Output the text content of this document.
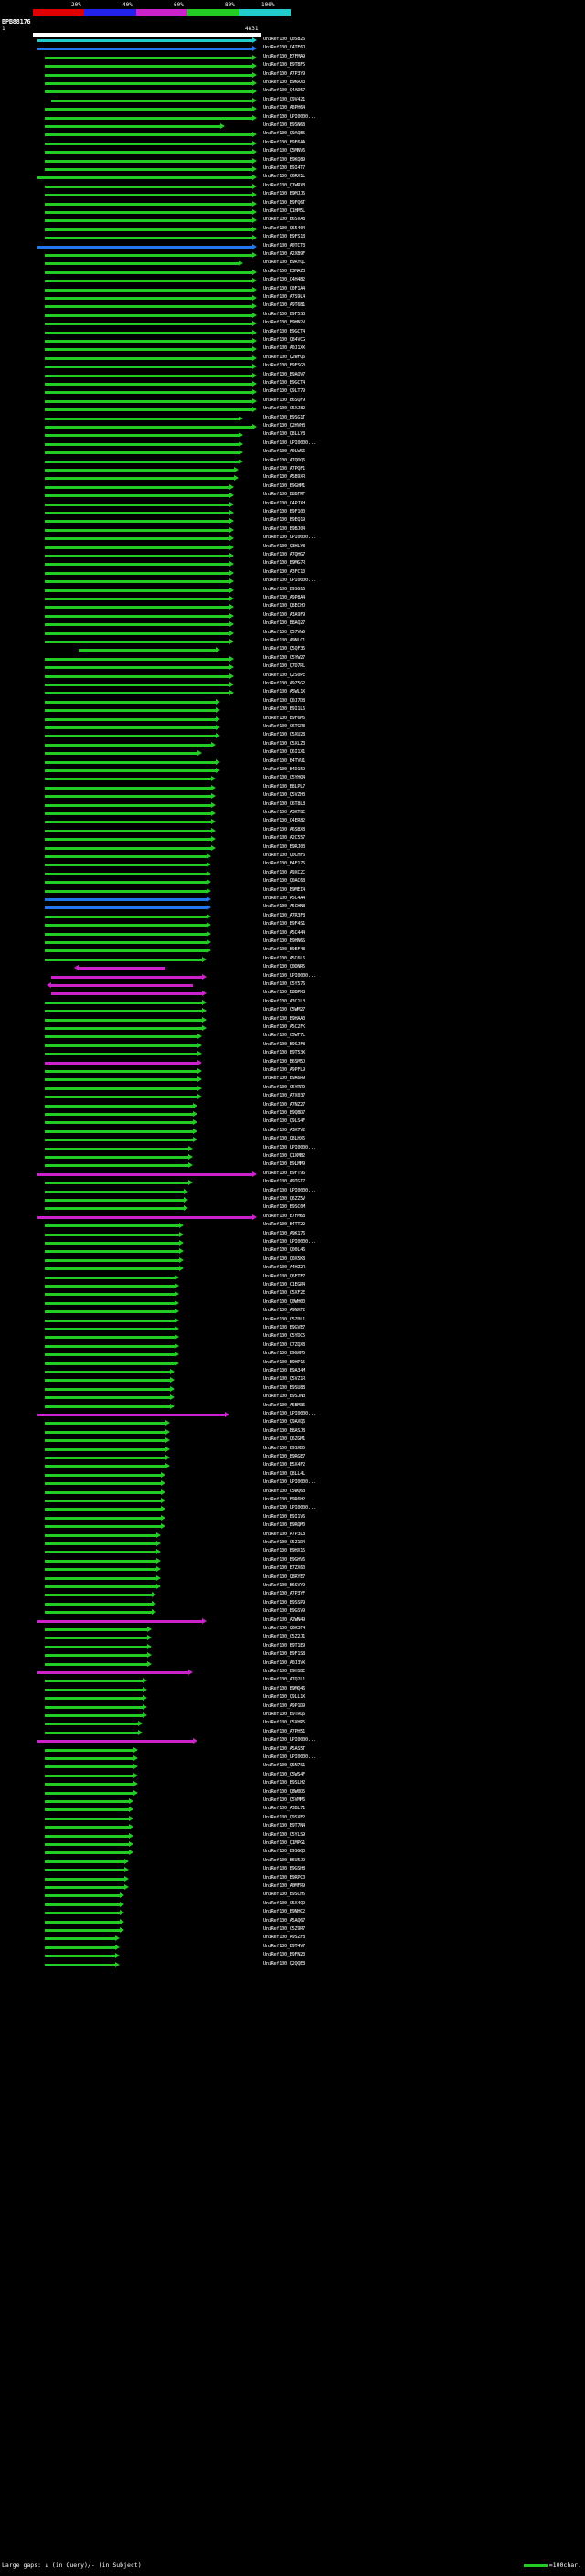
20%	40%	60%	80%	100%
BPB88176
1	4831
UniRef100_Q0S826
UniRef100_C4TE6J
UniRef100_B7FMA9
UniRef100_B9TBF5
UniRef100_A7P3Y9
UniRef100_B9KRX3
UniRef100_Q4AD57
UniRef100_Q9V421
UniRef100_A8PH64
UniRef100_UPI0000...
UniRef100_B9SN68
UniRef100_Q9AQE5
UniRef100_B9F6AA
UniRef100_Q5MNV6
UniRef100_B9KQ89
UniRef100_B9I4T7
UniRef100_C6RX1L
UniRef100_Q1WRX8
UniRef100_B9MJJ5
UniRef100_B9FQ6T
UniRef100_Q1HM5L
UniRef100_B6SVA8
UniRef100_Q65404
UniRef100_B9FS1B
UniRef100_A0TCT3
UniRef100_A2XB9F
UniRef100_B9RYQL
UniRef100_B3MAZ3
UniRef100_Q4H4B2
UniRef100_C0F1A4
UniRef100_A7S9L4
UniRef100_A9T6B1
UniRef100_B9F5S3
UniRef100_B9HN2V
UniRef100_B9GCT4
UniRef100_Q84VCG
UniRef100_A0J1XX
UniRef100_Q2WFQ6
UniRef100_B9FSG3
UniRef100_B9AQV7
UniRef100_B9GCT4
UniRef100_Q9LT79
UniRef100_B6SQF9
UniRef100_C5XJ82
UniRef100_B9SG1T
UniRef100_Q2HVH3
UniRef100_Q8LLY8
UniRef100_UPI0000...
UniRef100_A0LWS6
UniRef100_A7QDQ6
UniRef100_A7PQF1
UniRef100_A5B9XR
UniRef100_B9GHM1
UniRef100_B8BFRF
UniRef100_C4PJXH
UniRef100_B9F100
UniRef100_B9EQ19
UniRef100_B9BJ04
UniRef100_UPI0000...
UniRef100_Q3HLY8
UniRef100_A7QHG7
UniRef100_B9MG7R
UniRef100_A3FC10
UniRef100_UPI0000...
UniRef100_B9SG16
UniRef100_A9P8A4
UniRef100_Q8ECHO
UniRef100_A3A9F9
UniRef100_B8AQ27
UniRef100_Q57VW6
UniRef100_A9NLC1
UniRef100_Q5QF35
UniRef100_C5YW27
UniRef100_Q7D7RL
UniRef100_Q2S0PE
UniRef100_A9Z5G2
UniRef100_A5WL1X
UniRef100_Q0J7D8
UniRef100_B9I1L6
UniRef100_B9F6M6
UniRef100_C6TGR3
UniRef100_C5XU28
UniRef100_C5XLZ3
UniRef100_Q6I1X1
UniRef100_B4TVU1
UniRef100_B4D159
UniRef100_C5YHQ4
UniRef100_B8LPL7
UniRef100_Q5VZH3
UniRef100_C6T8L8
UniRef100_A3KT8E
UniRef100_Q4ER82
UniRef100_A6SBX8
UniRef100_A2C557
UniRef100_B9RJ03
UniRef100_Q0CHF6
UniRef100_B4F1Z6
UniRef100_A9XC2C
UniRef100_Q0AC68
UniRef100_B9MEI4
UniRef100_A5C4A4
UniRef100_A5CHN8
UniRef100_A7R3F8
UniRef100_B9F4S1
UniRef100_A5C444
UniRef100_B9HN6S
UniRef100_B9EF48
UniRef100_A5C6L6
UniRef100_Q0DNR5
UniRef100_UPI0000...
UniRef100_C5Y576
UniRef100_B8BPK8
UniRef100_A3C1L3
UniRef100_C5WM27
UniRef100_B9HAA0
UniRef100_A5C2FK
UniRef100_C5WF7L
UniRef100_B9SJF8
UniRef100_B9T53X
UniRef100_B6SM5D
UniRef100_A9PFL9
UniRef100_B9A6R9
UniRef100_C5YRR9
UniRef100_A7X037
UniRef100_A7NZ27
UniRef100_B9QBD7
UniRef100_Q9LS4F
UniRef100_A3K7V2
UniRef100_Q8LHX5
UniRef100_UPI0000...
UniRef100_Q1XMB2
UniRef100_B9LMM9
UniRef100_B9FT96
UniRef100_A9TGI7
UniRef100_UPI0000...
UniRef100_Q6ZZ5V
UniRef100_B9SC0M
UniRef100_B7FM68
UniRef100_B4TT22
UniRef100_A9K176
UniRef100_UPI0000...
UniRef100_Q00L46
UniRef100_Q0X5K8
UniRef100_A4HZ2R
UniRef100_Q6ETF7
UniRef100_C1EGR4
UniRef100_C5XF2E
UniRef100_Q0WH00
UniRef100_A9NXF2
UniRef100_C5Z0L1
UniRef100_B9GVE7
UniRef100_C5YDC5
UniRef100_C7ZQX8
UniRef100_B9GXM5
UniRef100_B9HP15
UniRef100_B9A34M
UniRef100_Q5VZ1R
UniRef100_B9SU88
UniRef100_B9SJN3
UniRef100_A5BM36
UniRef100_UPI0000...
UniRef100_Q9AXQ6
UniRef100_B8ASJ8
UniRef100_Q6ZGM1
UniRef100_B9SXD5
UniRef100_B9RGE7
UniRef100_B5X4F2
UniRef100_Q8LL4L
UniRef100_UPI0000...
UniRef100_C5WQ6B
UniRef100_B9R6H2
UniRef100_UPI0000...
UniRef100_B9I1V6
UniRef100_B9RQM0
UniRef100_A7P3L8
UniRef100_C5Z1D4
UniRef100_B9HX15
UniRef100_B9GHV6
UniRef100_B7ZX60
UniRef100_Q8RYE7
UniRef100_B6SVY9
UniRef100_A7P3YF
UniRef100_B9SSP9
UniRef100_B9GSV9
UniRef100_A2WN49
UniRef100_Q6K3F4
UniRef100_C5Z2J1
UniRef100_B9T1E9
UniRef100_B9F1S8
UniRef100_A0J3VX
UniRef100_B9H1BE
UniRef100_A7Q2L1
UniRef100_B9MQ46
UniRef100_Q9LL1X
UniRef100_A9P1D9
UniRef100_B9TRQ6
UniRef100_C5XHP5
UniRef100_A7PH51
UniRef100_UPI0000...
UniRef100_A5AS5T
UniRef100_UPI0000...
UniRef100_Q5N7S1
UniRef100_C5WS4F
UniRef100_B9SLH2
UniRef100_Q8W0D5
UniRef100_Q5VMM6
UniRef100_A3BL71
UniRef100_Q9SXE2
UniRef100_B9T7N4
UniRef100_C5YLS9
UniRef100_Q1MPG1
UniRef100_B9SGQ3
UniRef100_B6U5J9
UniRef100_B9GSH8
UniRef100_B9RPC0
UniRef100_A0MFR9
UniRef100_B9SCH5
UniRef100_C5X4Q9
UniRef100_B9NHC2
UniRef100_A5AQ67
UniRef100_C5Z9R7
UniRef100_A9SZF8
UniRef100_B9T4V7
UniRef100_B9FN23
UniRef100_Q2QQE8
Large gaps: ↓ (in Query)/- (in Subject)	=100char.
